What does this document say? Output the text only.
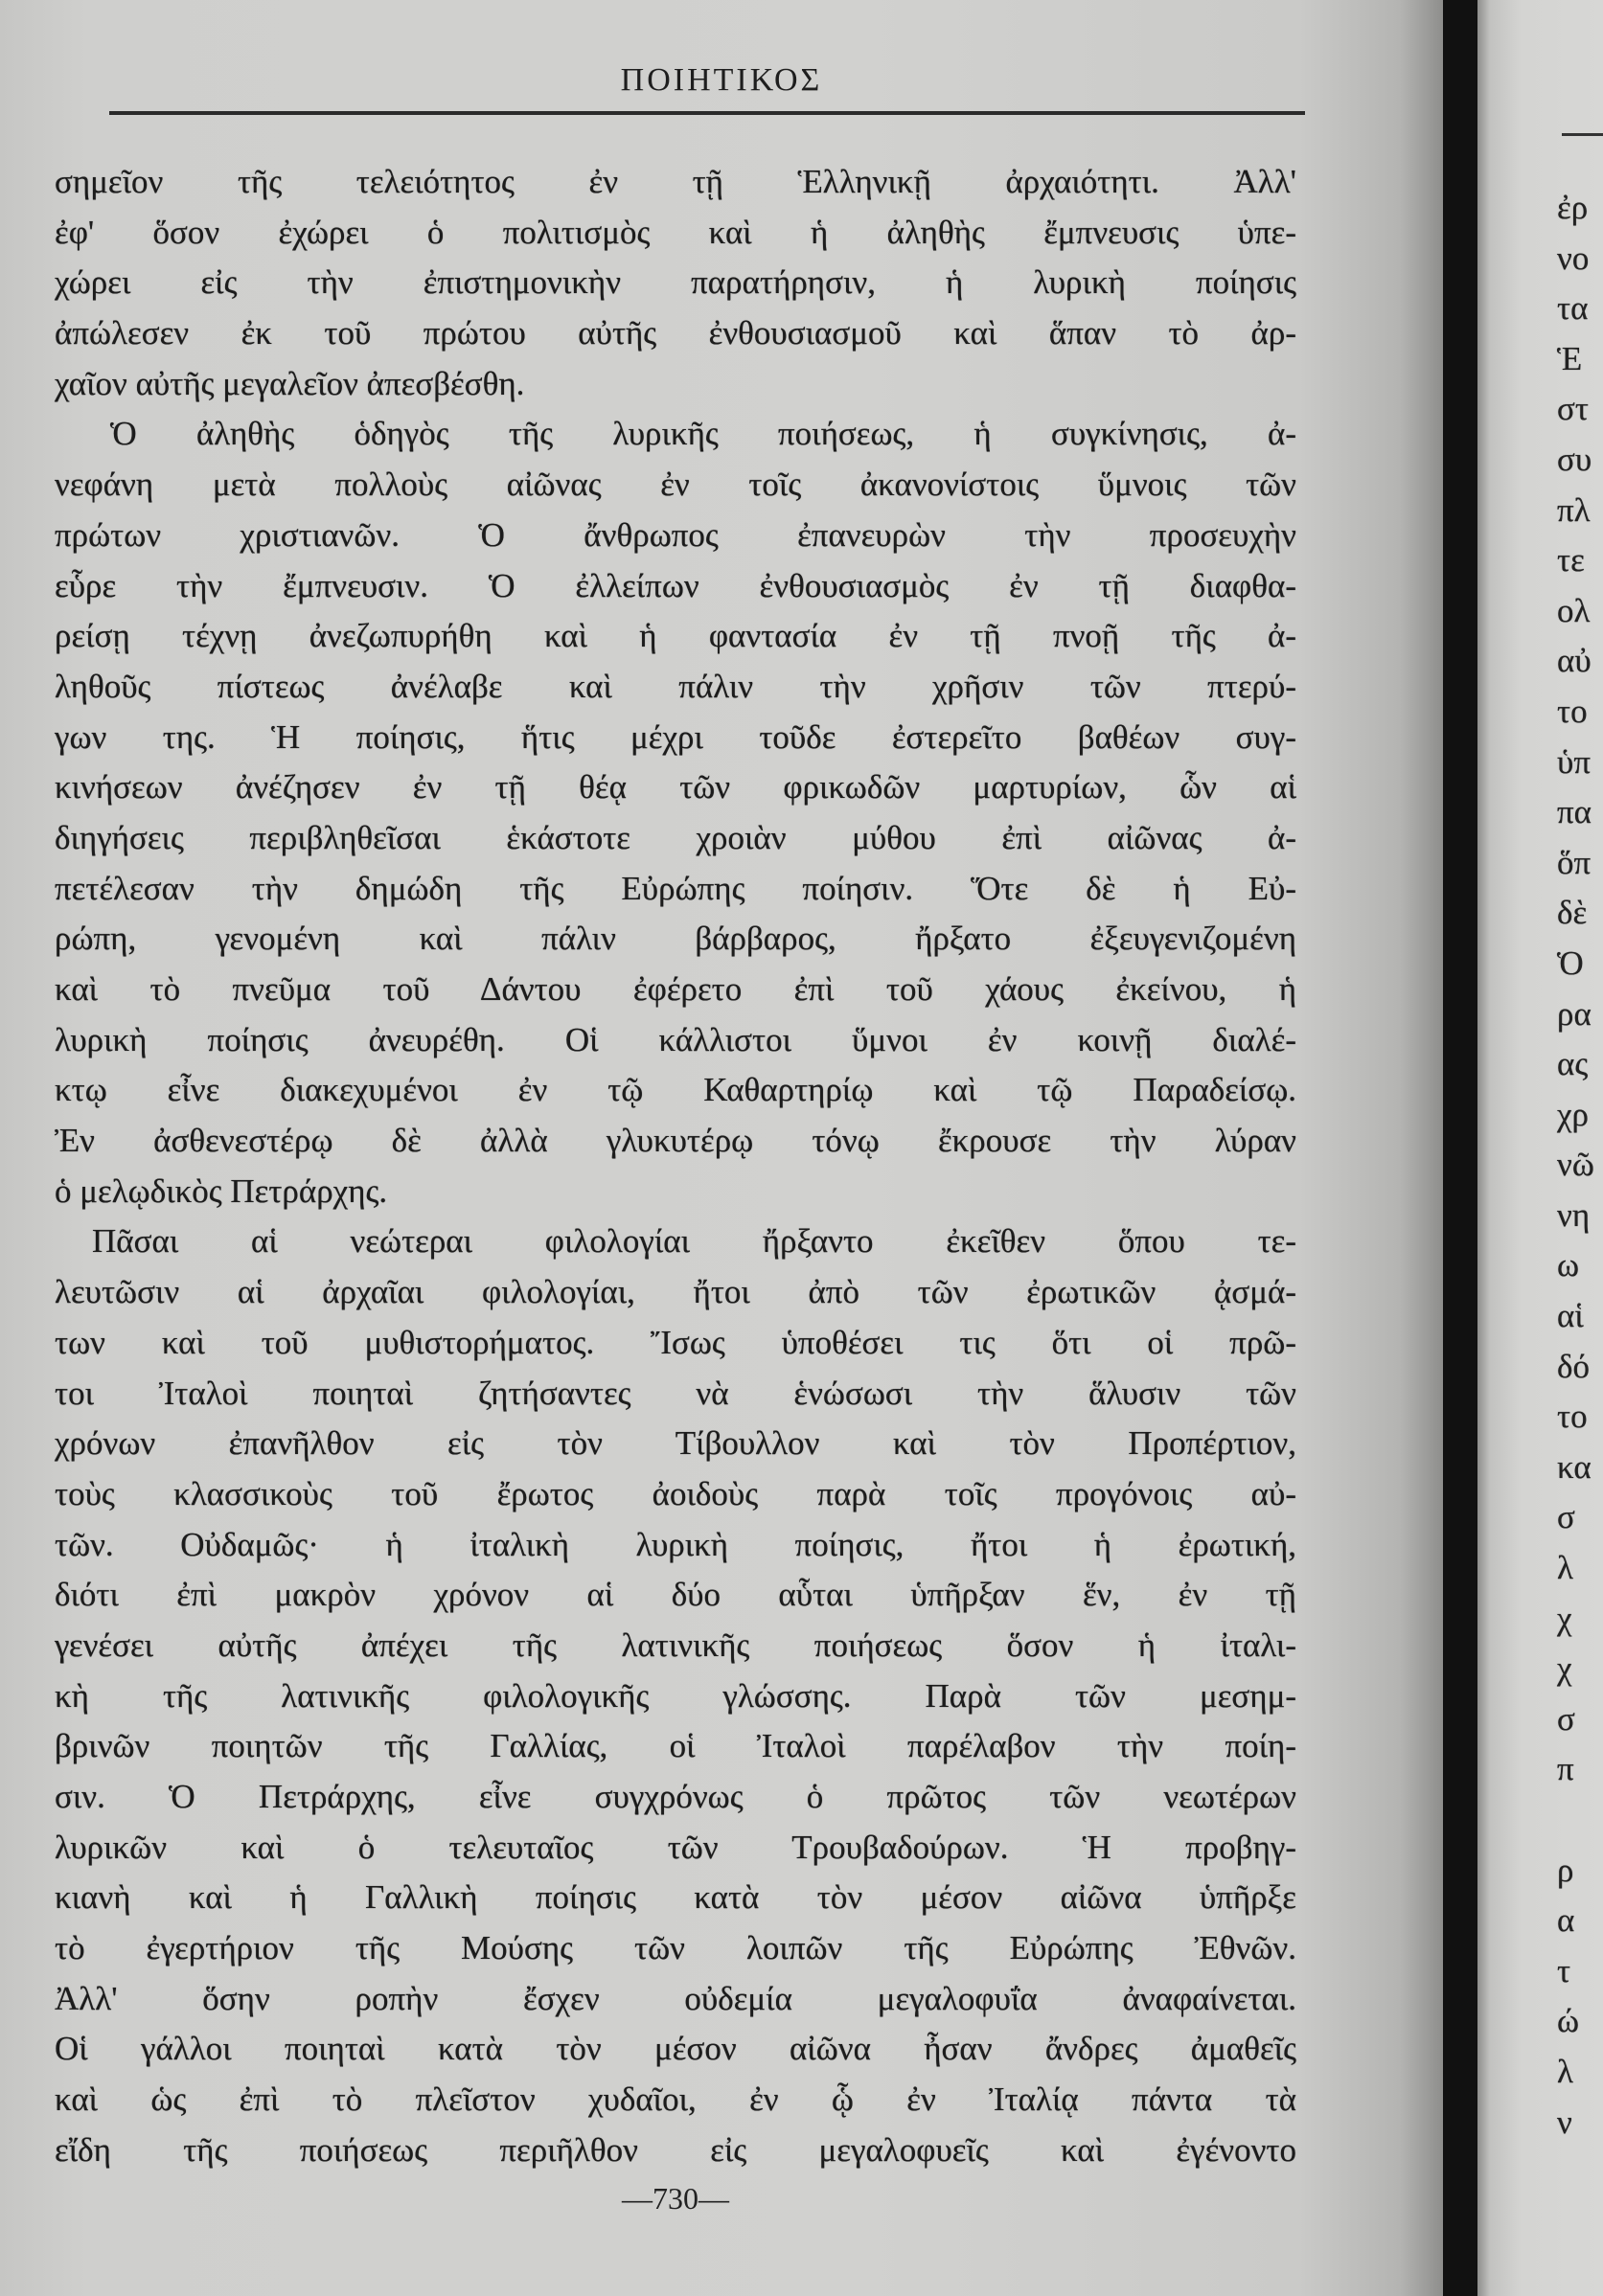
ΠΟΙΗΤΙΚΟΣ
σημεῖον τῆς τελειότητος ἐν τῇ Ἑλληνικῇ ἀρχαιότητι. Ἀλλ'
ἐφ' ὅσον ἐχώρει ὁ πολιτισμὸς καὶ ἡ ἀληθὴς ἔμπνευσις ὑπε-
χώρει εἰς τὴν ἐπιστημονικὴν παρατήρησιν, ἡ λυρικὴ ποίησις
ἀπώλεσεν ἐκ τοῦ πρώτου αὐτῆς ἐνθουσιασμοῦ καὶ ἅπαν τὸ ἀρ-
χαῖον αὐτῆς μεγαλεῖον ἀπεσβέσθη.
Ὁ ἀληθὴς ὁδηγὸς τῆς λυρικῆς ποιήσεως, ἡ συγκίνησις, ἀ-
νεφάνη μετὰ πολλοὺς αἰῶνας ἐν τοῖς ἀκανονίστοις ὕμνοις τῶν
πρώτων χριστιανῶν. Ὁ ἄνθρωπος ἐπανευρὼν τὴν προσευχὴν
εὗρε τὴν ἔμπνευσιν. Ὁ ἐλλείπων ἐνθουσιασμὸς ἐν τῇ διαφθα-
ρείσῃ τέχνῃ ἀνεζωπυρήθη καὶ ἡ φαντασία ἐν τῇ πνοῇ τῆς ἀ-
ληθοῦς πίστεως ἀνέλαβε καὶ πάλιν τὴν χρῆσιν τῶν πτερύ-
γων της. Ἡ ποίησις, ἥτις μέχρι τοῦδε ἐστερεῖτο βαθέων συγ-
κινήσεων ἀνέζησεν ἐν τῇ θέᾳ τῶν φρικωδῶν μαρτυρίων, ὧν αἱ
διηγήσεις περιβληθεῖσαι ἑκάστοτε χροιὰν μύθου ἐπὶ αἰῶνας ἀ-
πετέλεσαν τὴν δημώδη τῆς Εὐρώπης ποίησιν. Ὅτε δὲ ἡ Εὐ-
ρώπη, γενομένη καὶ πάλιν βάρβαρος, ἤρξατο ἐξευγενιζομένη
καὶ τὸ πνεῦμα τοῦ Δάντου ἐφέρετο ἐπὶ τοῦ χάους ἐκείνου, ἡ
λυρικὴ ποίησις ἀνευρέθη. Οἱ κάλλιστοι ὕμνοι ἐν κοινῇ διαλέ-
κτῳ εἶνε διακεχυμένοι ἐν τῷ Καθαρτηρίῳ καὶ τῷ Παραδείσῳ.
Ἐν ἀσθενεστέρῳ δὲ ἀλλὰ γλυκυτέρῳ τόνῳ ἔκρουσε τὴν λύραν
ὁ μελῳδικὸς Πετράρχης.
Πᾶσαι αἱ νεώτεραι φιλολογίαι ἤρξαντο ἐκεῖθεν ὅπου τε-
λευτῶσιν αἱ ἀρχαῖαι φιλολογίαι, ἤτοι ἀπὸ τῶν ἐρωτικῶν ᾀσμά-
των καὶ τοῦ μυθιστορήματος. Ἴσως ὑποθέσει τις ὅτι οἱ πρῶ-
τοι Ἰταλοὶ ποιηταὶ ζητήσαντες νὰ ἑνώσωσι τὴν ἅλυσιν τῶν
χρόνων ἐπανῆλθον εἰς τὸν Τίβουλλον καὶ τὸν Προπέρτιον,
τοὺς κλασσικοὺς τοῦ ἔρωτος ἀοιδοὺς παρὰ τοῖς προγόνοις αὐ-
τῶν. Οὐδαμῶς· ἡ ἰταλικὴ λυρικὴ ποίησις, ἤτοι ἡ ἐρωτική,
διότι ἐπὶ μακρὸν χρόνον αἱ δύο αὗται ὑπῆρξαν ἕν, ἐν τῇ
γενέσει αὐτῆς ἀπέχει τῆς λατινικῆς ποιήσεως ὅσον ἡ ἰταλι-
κὴ τῆς λατινικῆς φιλολογικῆς γλώσσης. Παρὰ τῶν μεσημ-
βρινῶν ποιητῶν τῆς Γαλλίας, οἱ Ἰταλοὶ παρέλαβον τὴν ποίη-
σιν. Ὁ Πετράρχης, εἶνε συγχρόνως ὁ πρῶτος τῶν νεωτέρων
λυρικῶν καὶ ὁ τελευταῖος τῶν Τρουβαδούρων. Ἡ προβηγ-
κιανὴ καὶ ἡ Γαλλικὴ ποίησις κατὰ τὸν μέσον αἰῶνα ὑπῆρξε
τὸ ἐγερτήριον τῆς Μούσης τῶν λοιπῶν τῆς Εὐρώπης Ἐθνῶν.
Ἀλλ' ὅσην ροπὴν ἔσχεν οὐδεμία μεγαλοφυΐα ἀναφαίνεται.
Οἱ γάλλοι ποιηταὶ κατὰ τὸν μέσον αἰῶνα ἦσαν ἄνδρες ἀμαθεῖς
καὶ ὡς ἐπὶ τὸ πλεῖστον χυδαῖοι, ἐν ᾧ ἐν Ἰταλίᾳ πάντα τὰ
εἴδη τῆς ποιήσεως περιῆλθον εἰς μεγαλοφυεῖς καὶ ἐγένοντο
—730—
ἐρ
νο
τα
Ἑ
στ
συ
πλ
τε
ολ
αὐ
το
ὑπ
πα
ὅπ
δὲ
Ὁ
ρα
ας
χρ
νῶ
νη
ω
αἱ
δό
το
κα
σ
λ
χ
χ
σ
π
ρ
α
τ
ώ
λ
ν
